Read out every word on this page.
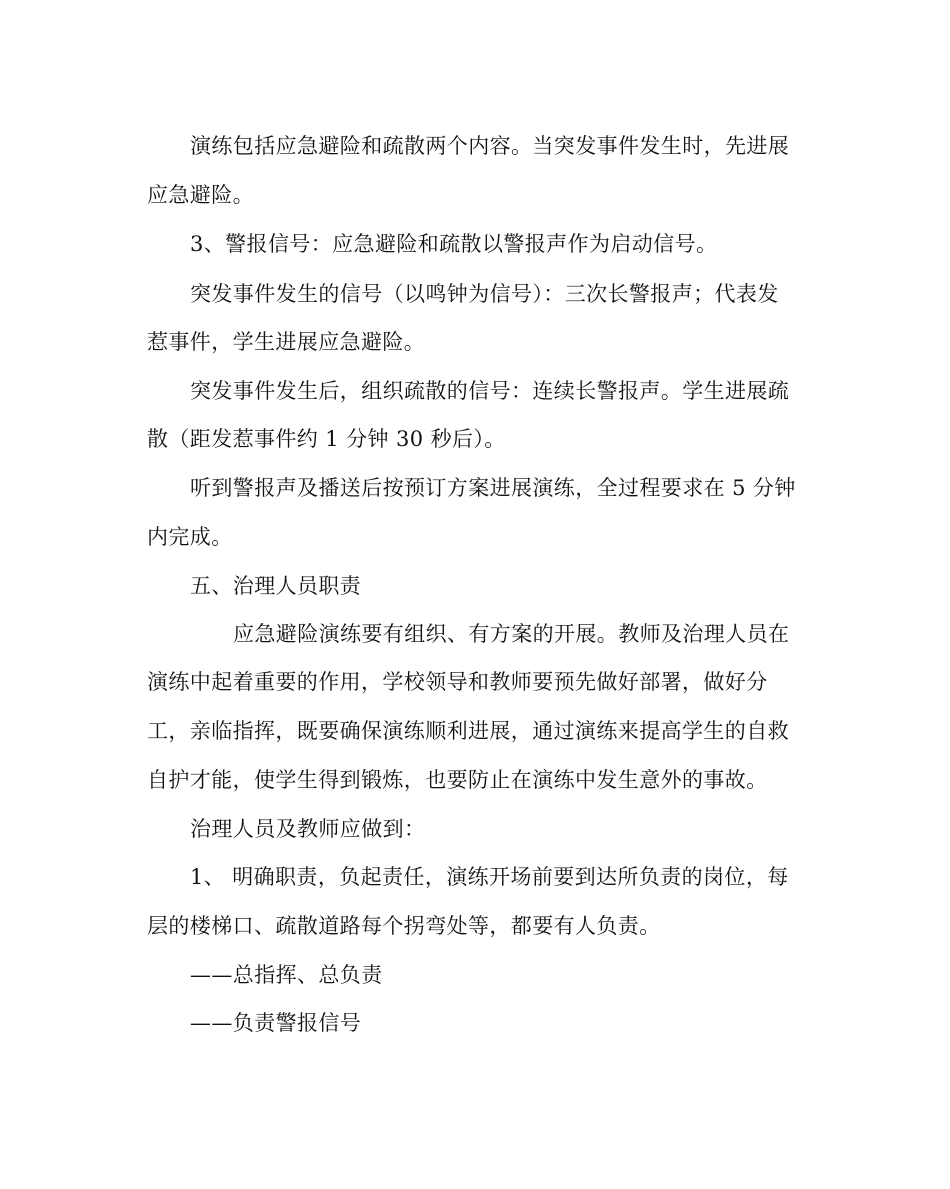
演练包括应急避险和疏散两个内容。当突发事件发生时，先进展
应急避险。
3、警报信号：应急避险和疏散以警报声作为启动信号。
突发事件发生的信号（以鸣钟为信号）：三次长警报声；代表发
惹事件，学生进展应急避险。
突发事件发生后，组织疏散的信号：连续长警报声。学生进展疏
散（距发惹事件约 1 分钟 30 秒后）。
听到警报声及播送后按预订方案进展演练，全过程要求在 5 分钟
内完成。
五、治理人员职责
应急避险演练要有组织、有方案的开展。教师及治理人员在
演练中起着重要的作用，学校领导和教师要预先做好部署，做好分
工，亲临指挥，既要确保演练顺利进展，通过演练来提高学生的自救
自护才能，使学生得到锻炼，也要防止在演练中发生意外的事故。
治理人员及教师应做到：
1、 明确职责，负起责任，演练开场前要到达所负责的岗位，每
层的楼梯口、疏散道路每个拐弯处等，都要有人负责。
——总指挥、总负责
——负责警报信号
